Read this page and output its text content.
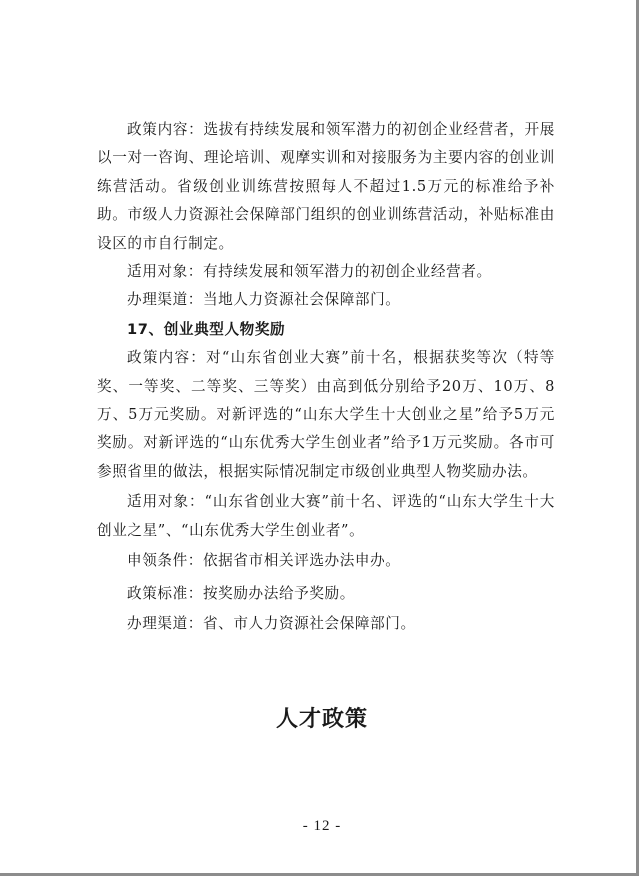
政策内容：选拔有持续发展和领军潜力的初创企业经营者，开展以一对一咨询、理论培训、观摩实训和对接服务为主要内容的创业训练营活动。省级创业训练营按照每人不超过1.5万元的标准给予补助。市级人力资源社会保障部门组织的创业训练营活动，补贴标准由设区的市自行制定。

适用对象：有持续发展和领军潜力的初创企业经营者。

办理渠道：当地人力资源社会保障部门。

17、创业典型人物奖励

政策内容：对“山东省创业大赛”前十名，根据获奖等次（特等奖、一等奖、二等奖、三等奖）由高到低分别给予20万、10万、8万、5万元奖励。对新评选的“山东大学生十大创业之星”给予5万元奖励。对新评选的“山东优秀大学生创业者”给予1万元奖励。各市可参照省里的做法，根据实际情况制定市级创业典型人物奖励办法。

适用对象：“山东省创业大赛”前十名、评选的“山东大学生十大创业之星”、“山东优秀大学生创业者”。

申领条件：依据省市相关评选办法申办。

政策标准：按奖励办法给予奖励。

办理渠道：省、市人力资源社会保障部门。

人才政策
- 12 -
